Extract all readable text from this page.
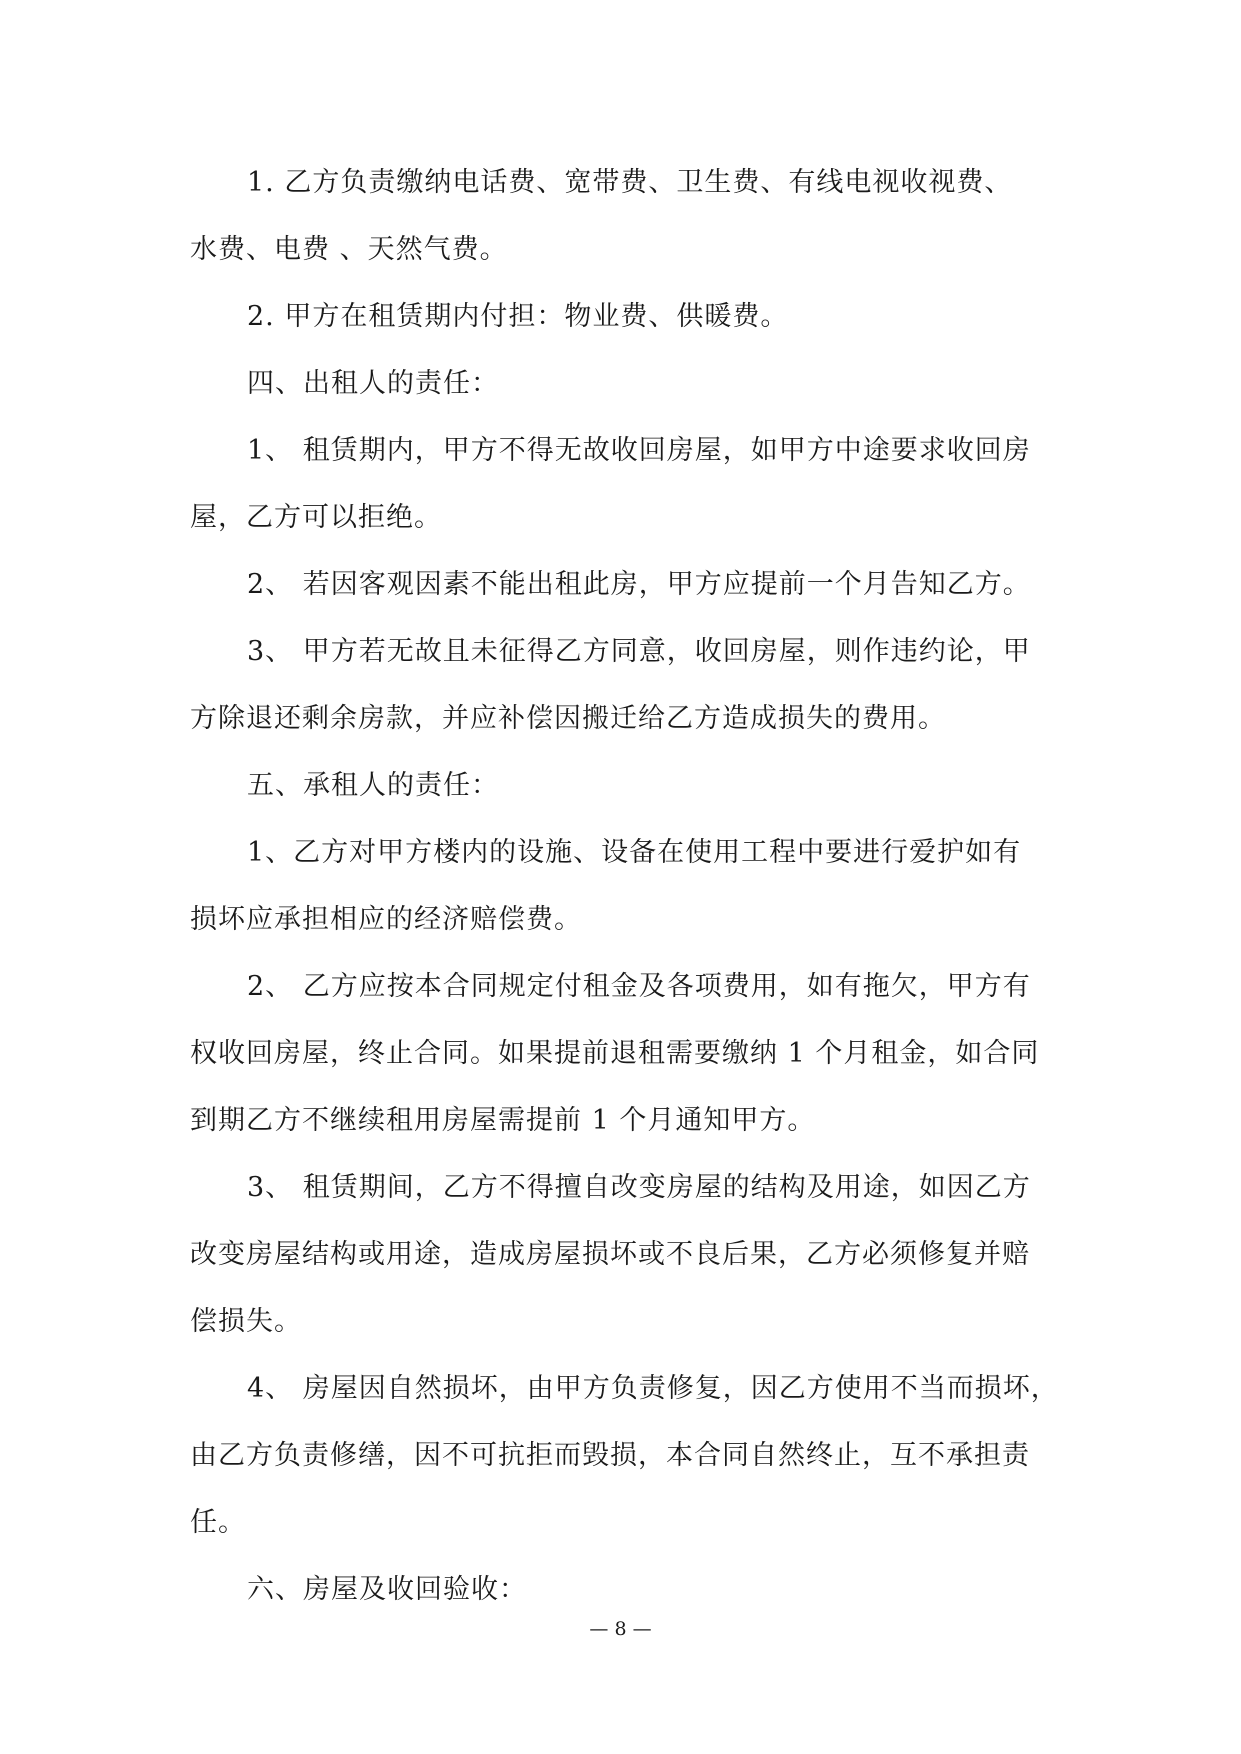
1. 乙方负责缴纳电话费、宽带费、卫生费、有线电视收视费、
水费、电费 、天然气费。
2. 甲方在租赁期内付担：物业费、供暖费。
四、出租人的责任：
1、 租赁期内，甲方不得无故收回房屋，如甲方中途要求收回房
屋，乙方可以拒绝。
2、 若因客观因素不能出租此房，甲方应提前一个月告知乙方。
3、 甲方若无故且未征得乙方同意，收回房屋，则作违约论，甲
方除退还剩余房款，并应补偿因搬迁给乙方造成损失的费用。
五、承租人的责任：
1、乙方对甲方楼内的设施、设备在使用工程中要进行爱护如有
损坏应承担相应的经济赔偿费。
2、 乙方应按本合同规定付租金及各项费用，如有拖欠，甲方有
权收回房屋，终止合同。如果提前退租需要缴纳 1 个月租金，如合同
到期乙方不继续租用房屋需提前 1 个月通知甲方。
3、 租赁期间，乙方不得擅自改变房屋的结构及用途，如因乙方
改变房屋结构或用途，造成房屋损坏或不良后果，乙方必须修复并赔
偿损失。
4、 房屋因自然损坏，由甲方负责修复，因乙方使用不当而损坏，
由乙方负责修缮，因不可抗拒而毁损，本合同自然终止，互不承担责
任。
六、房屋及收回验收：
— 8 —
